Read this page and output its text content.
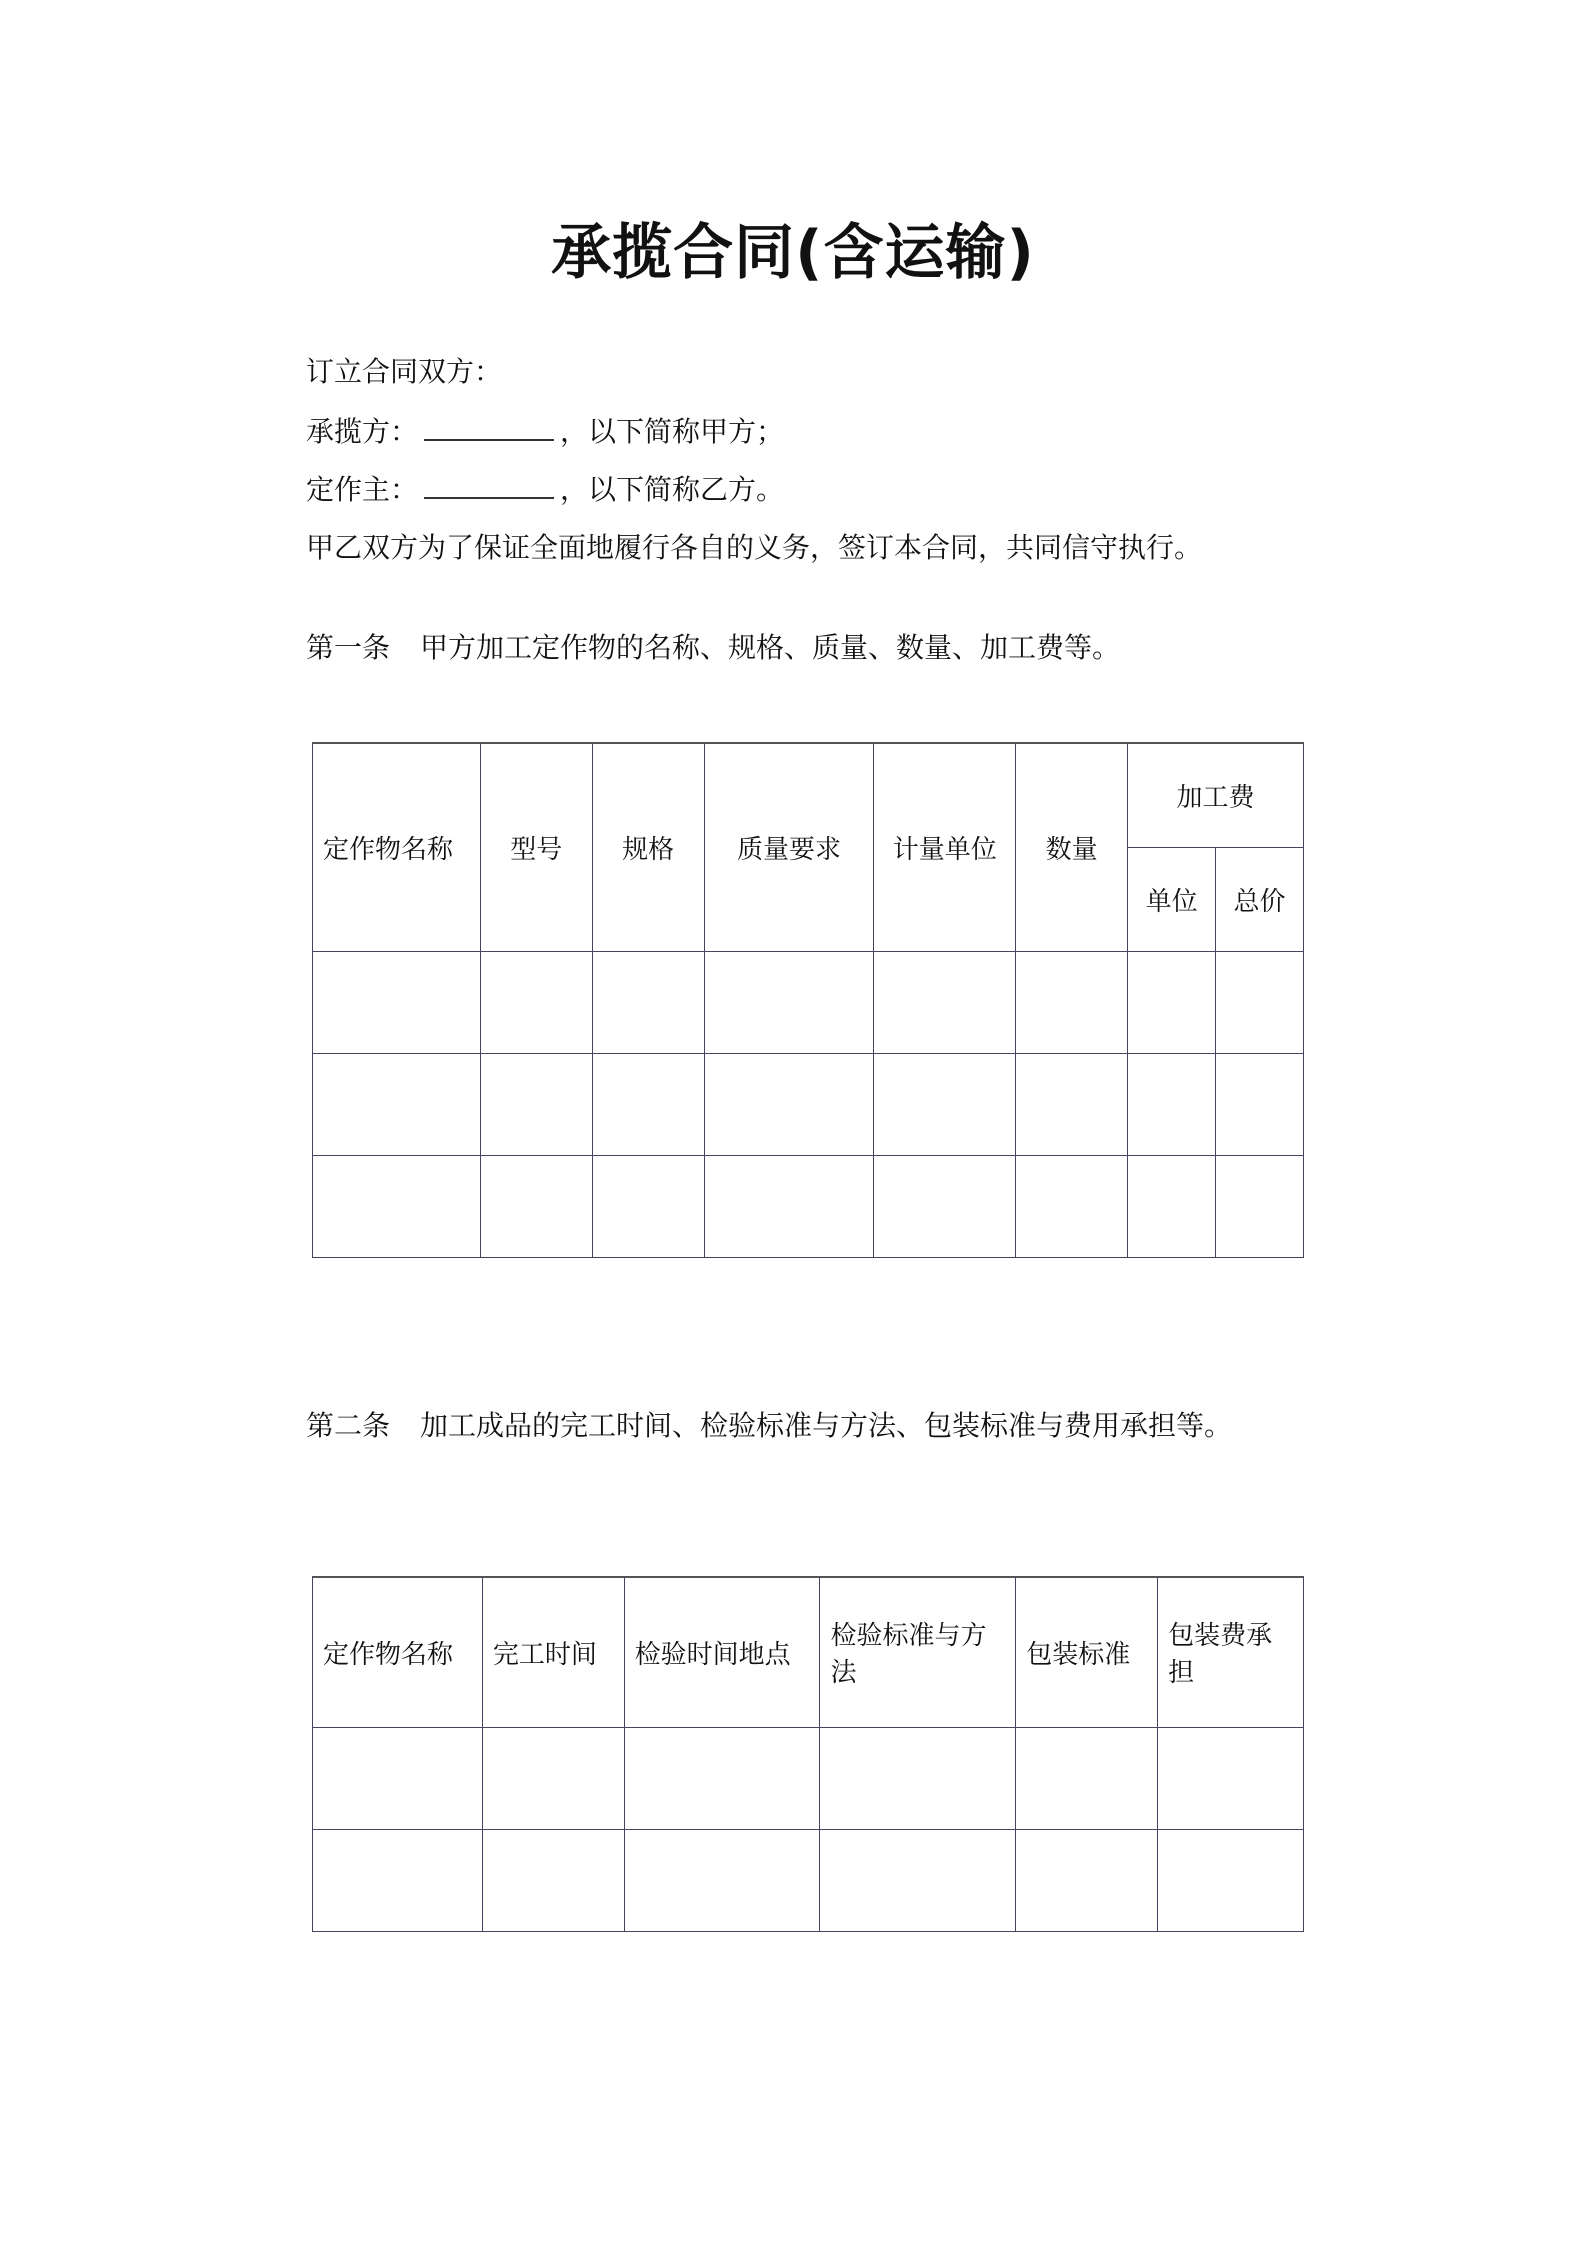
承揽合同(含运输)
订立合同双方：
承揽方：	，以下简称甲方；
定作主：	，以下简称乙方。
甲乙双方为了保证全面地履行各自的义务，签订本合同，共同信守执行。
第一条 甲方加工定作物的名称、规格、质量、数量、加工费等。
定作物名称	型号	规格	质量要求	计量单位	数量	加工费	
						单位	总价

第二条 加工成品的完工时间、检验标准与方法、包装标准与费用承担等。
定作物名称	完工时间	检验时间地点	检验标准与方法	包装标准	包装费承担
